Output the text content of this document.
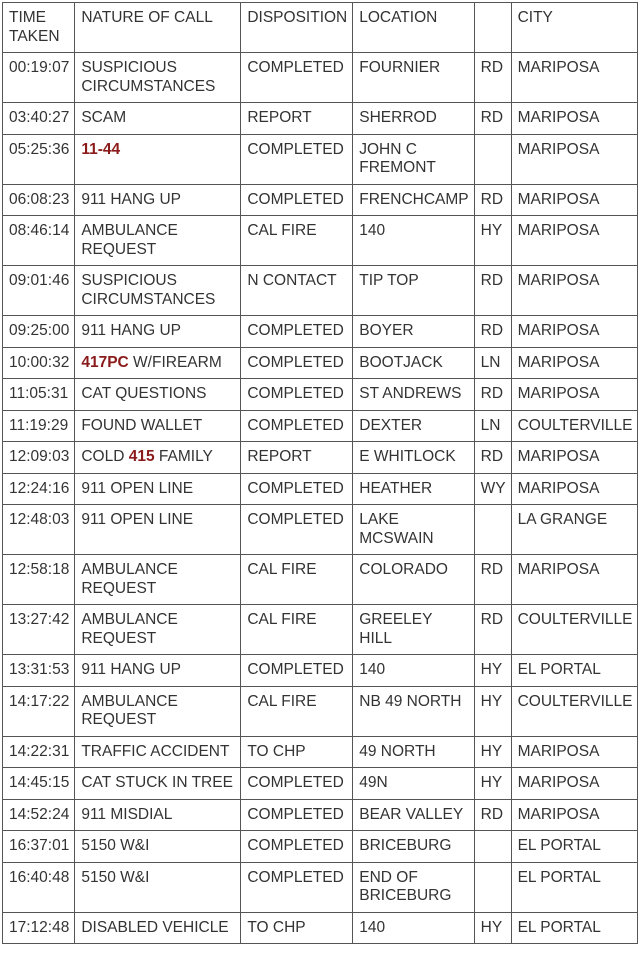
TIME TAKEN	NATURE OF CALL	DISPOSITION	LOCATION		CITY
00:19:07	SUSPICIOUS CIRCUMSTANCES	COMPLETED	FOURNIER	RD	MARIPOSA
03:40:27	SCAM	REPORT	SHERROD	RD	MARIPOSA
05:25:36	11-44	COMPLETED	JOHN C FREMONT		MARIPOSA
06:08:23	911 HANG UP	COMPLETED	FRENCHCAMP	RD	MARIPOSA
08:46:14	AMBULANCE REQUEST	CAL FIRE	140	HY	MARIPOSA
09:01:46	SUSPICIOUS CIRCUMSTANCES	N CONTACT	TIP TOP	RD	MARIPOSA
09:25:00	911 HANG UP	COMPLETED	BOYER	RD	MARIPOSA
10:00:32	417PC W/FIREARM	COMPLETED	BOOTJACK	LN	MARIPOSA
11:05:31	CAT QUESTIONS	COMPLETED	ST ANDREWS	RD	MARIPOSA
11:19:29	FOUND WALLET	COMPLETED	DEXTER	LN	COULTERVILLE
12:09:03	COLD 415 FAMILY	REPORT	E WHITLOCK	RD	MARIPOSA
12:24:16	911 OPEN LINE	COMPLETED	HEATHER	WY	MARIPOSA
12:48:03	911 OPEN LINE	COMPLETED	LAKE MCSWAIN		LA GRANGE
12:58:18	AMBULANCE REQUEST	CAL FIRE	COLORADO	RD	MARIPOSA
13:27:42	AMBULANCE REQUEST	CAL FIRE	GREELEY HILL	RD	COULTERVILLE
13:31:53	911 HANG UP	COMPLETED	140	HY	EL PORTAL
14:17:22	AMBULANCE REQUEST	CAL FIRE	NB 49 NORTH	HY	COULTERVILLE
14:22:31	TRAFFIC ACCIDENT	TO CHP	49 NORTH	HY	MARIPOSA
14:45:15	CAT STUCK IN TREE	COMPLETED	49N	HY	MARIPOSA
14:52:24	911 MISDIAL	COMPLETED	BEAR VALLEY	RD	MARIPOSA
16:37:01	5150 W&I	COMPLETED	BRICEBURG		EL PORTAL
16:40:48	5150 W&I	COMPLETED	END OF BRICEBURG		EL PORTAL
17:12:48	DISABLED VEHICLE	TO CHP	140	HY	EL PORTAL
